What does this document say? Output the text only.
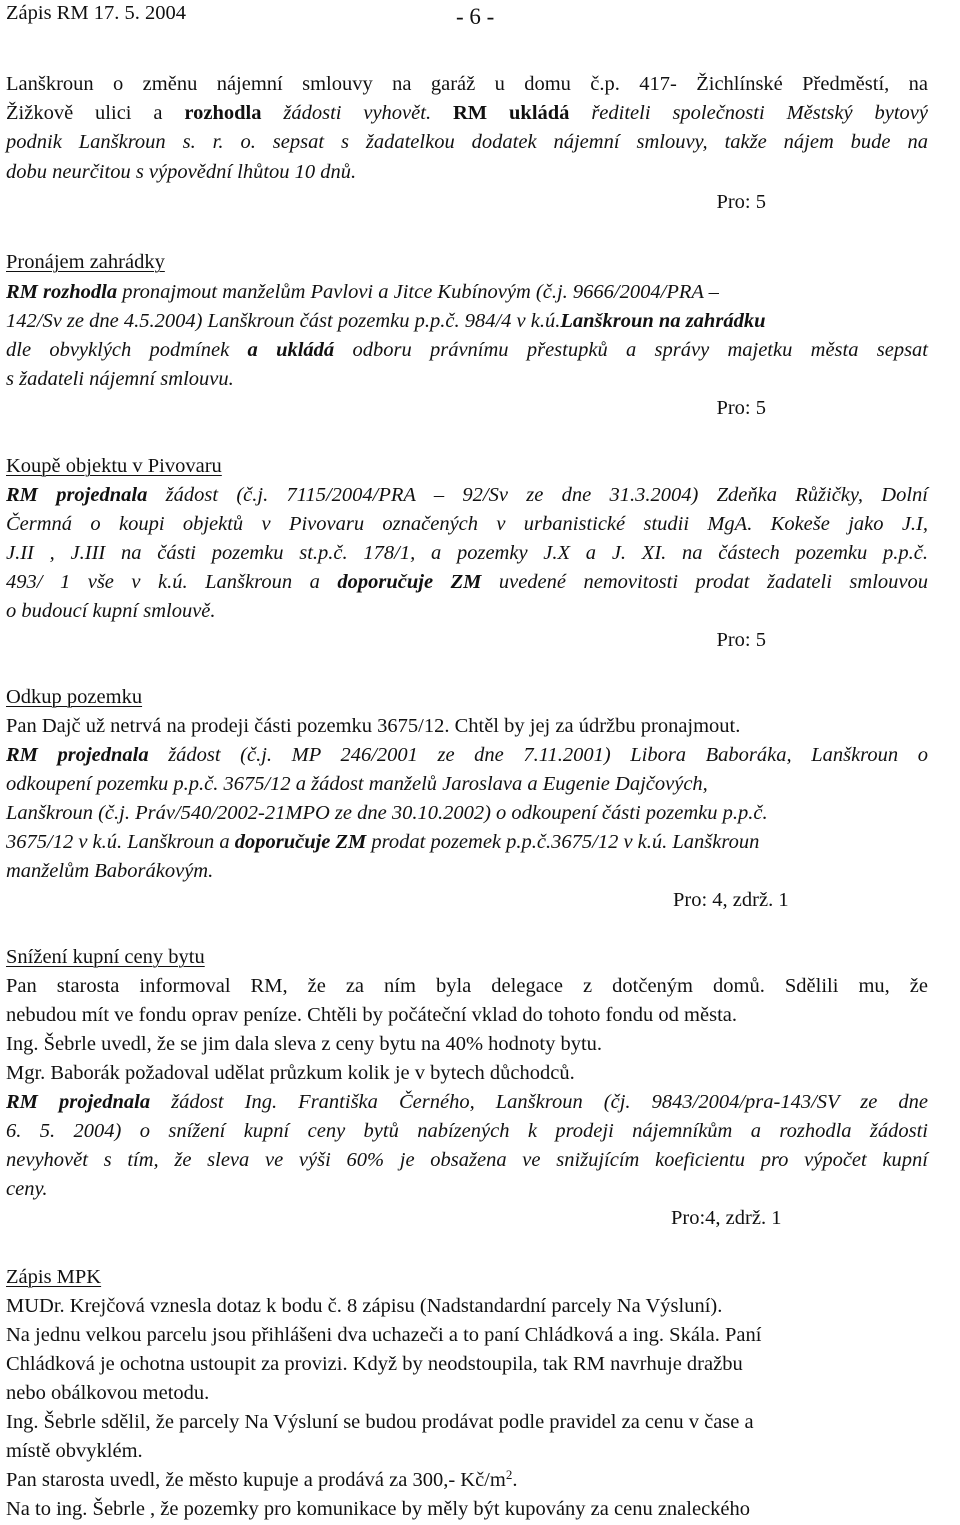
Zápis RM 17. 5. 2004	- 6 -
Lanškroun o změnu nájemní smlouvy na garáž u domu č.p. 417- Žichlínské Předměstí, na
Žižkově ulici a rozhodla žádosti vyhovět. RM ukládá řediteli společnosti Městský bytový
podnik Lanškroun s. r. o. sepsat s žadatelkou dodatek nájemní smlouvy, takže nájem bude na
dobu neurčitou s výpovědní lhůtou 10 dnů.
Pro: 5
Pronájem zahrádky
RM rozhodla pronajmout manželům Pavlovi a Jitce Kubínovým (č.j. 9666/2004/PRA –
142/Sv ze dne 4.5.2004) Lanškroun část pozemku p.p.č. 984/4 v k.ú.Lanškroun na zahrádku
dle obvyklých podmínek a ukládá odboru právnímu přestupků a správy majetku města sepsat
s žadateli nájemní smlouvu.
Pro: 5
Koupě objektu v Pivovaru
RM projednala žádost (č.j. 7115/2004/PRA – 92/Sv ze dne 31.3.2004) Zdeňka Růžičky, Dolní
Čermná o koupi objektů v Pivovaru označených v urbanistické studii MgA. Kokeše jako J.I,
J.II , J.III na části pozemku st.p.č. 178/1, a pozemky J.X a J. XI. na částech pozemku p.p.č.
493/ 1 vše v k.ú. Lanškroun a doporučuje ZM uvedené nemovitosti prodat žadateli smlouvou
o budoucí kupní smlouvě.
Pro: 5
Odkup pozemku
Pan Dajč už netrvá na prodeji části pozemku 3675/12. Chtěl by jej za údržbu pronajmout.
RM projednala žádost (č.j. MP 246/2001 ze dne 7.11.2001) Libora Baboráka, Lanškroun o
odkoupení pozemku p.p.č. 3675/12 a žádost manželů Jaroslava a Eugenie Dajčových,
Lanškroun (č.j. Práv/540/2002-21MPO ze dne 30.10.2002) o odkoupení části pozemku p.p.č.
3675/12 v k.ú. Lanškroun a doporučuje ZM prodat pozemek p.p.č.3675/12 v k.ú. Lanškroun
manželům Baborákovým.
Pro: 4, zdrž. 1
Snížení kupní ceny bytu
Pan starosta informoval RM, že za ním byla delegace z dotčeným domů. Sdělili mu, že
nebudou mít ve fondu oprav peníze. Chtěli by počáteční vklad do tohoto fondu od města.
Ing. Šebrle uvedl, že se jim dala sleva z ceny bytu na 40% hodnoty bytu.
Mgr. Baborák požadoval udělat průzkum kolik je v bytech důchodců.
RM projednala žádost Ing. Františka Černého, Lanškroun (čj. 9843/2004/pra-143/SV ze dne
6. 5. 2004) o snížení kupní ceny bytů nabízených k prodeji nájemníkům a rozhodla žádosti
nevyhovět s tím, že sleva ve výši 60% je obsažena ve snižujícím koeficientu pro výpočet kupní
ceny.
Pro:4, zdrž. 1
Zápis MPK
MUDr. Krejčová vznesla dotaz k bodu č. 8 zápisu (Nadstandardní parcely Na Výsluní).
Na jednu velkou parcelu jsou přihlášeni dva uchazeči a to paní Chládková a ing. Skála. Paní
Chládková je ochotna ustoupit za provizi. Když by neodstoupila, tak RM navrhuje dražbu
nebo obálkovou metodu.
Ing. Šebrle sdělil, že parcely Na Výsluní se budou prodávat podle pravidel za cenu v čase a
místě obvyklém.
Pan starosta uvedl, že město kupuje a prodává za 300,- $Kč/m^2$.
Na to ing. Šebrle , že pozemky pro komunikace by měly být kupovány za cenu znaleckého
